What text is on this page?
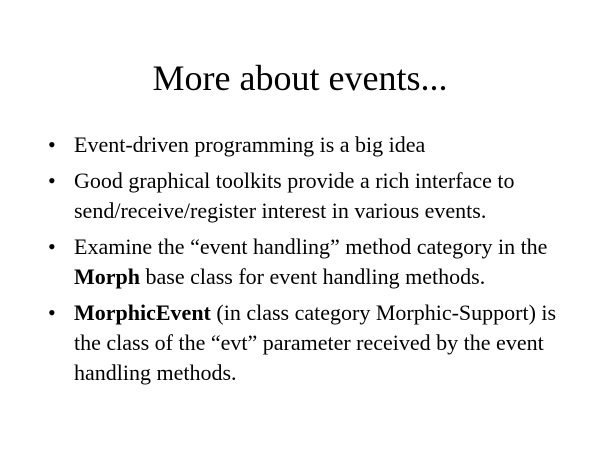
More about events...
• Event-driven programming is a big idea
• Good graphical toolkits provide a rich interface to send/receive/register interest in various events.
• Examine the “event handling” method category in the Morph base class for event handling methods.
• MorphicEvent (in class category Morphic-Support) is the class of the “evt” parameter received by the event handling methods.
